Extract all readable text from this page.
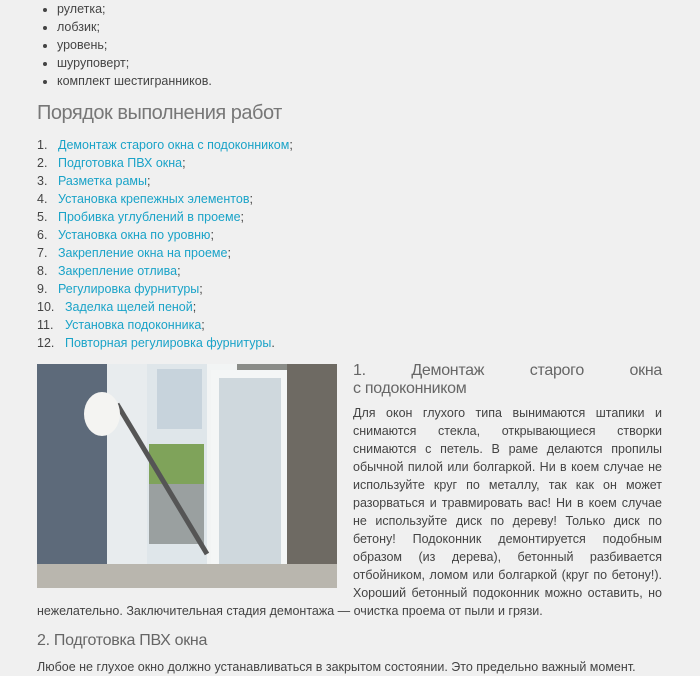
• рулетка;
• лобзик;
• уровень;
• шуруповерт;
• комплект шестигранников.
Порядок выполнения работ
1. Демонтаж старого окна с подоконником;
2. Подготовка ПВХ окна;
3. Разметка рамы;
4. Установка крепежных элементов;
5. Пробивка углублений в проеме;
6. Установка окна по уровню;
7. Закрепление окна на проеме;
8. Закрепление отлива;
9. Регулировка фурнитуры;
10. Заделка щелей пеной;
11. Установка подоконника;
12. Повторная регулировка фурнитуры.
1.	Демонтаж	старого	окна
с подоконником

Для окон глухого типа вынимаются штапики и снимаются стекла, открывающиеся створки снимаются с петель. В раме делаются пропилы обычной пилой или болгаркой. Ни в коем случае не используйте круг по металлу, так как он может разорваться и травмировать вас! Ни в коем случае не используйте диск по дереву! Только диск по бетону! Подоконник демонтируется подобным образом (из дерева), бетонный разбивается отбойником, ломом или болгаркой (круг по бетону!). Хороший бетонный подоконник можно оставить, но нежелательно. Заключительная стадия демонтажа — очистка проема от пыли и грязи.

2. Подготовка ПВХ окна

Любое не глухое окно должно устанавливаться в закрытом состоянии. Это предельно важный момент.
